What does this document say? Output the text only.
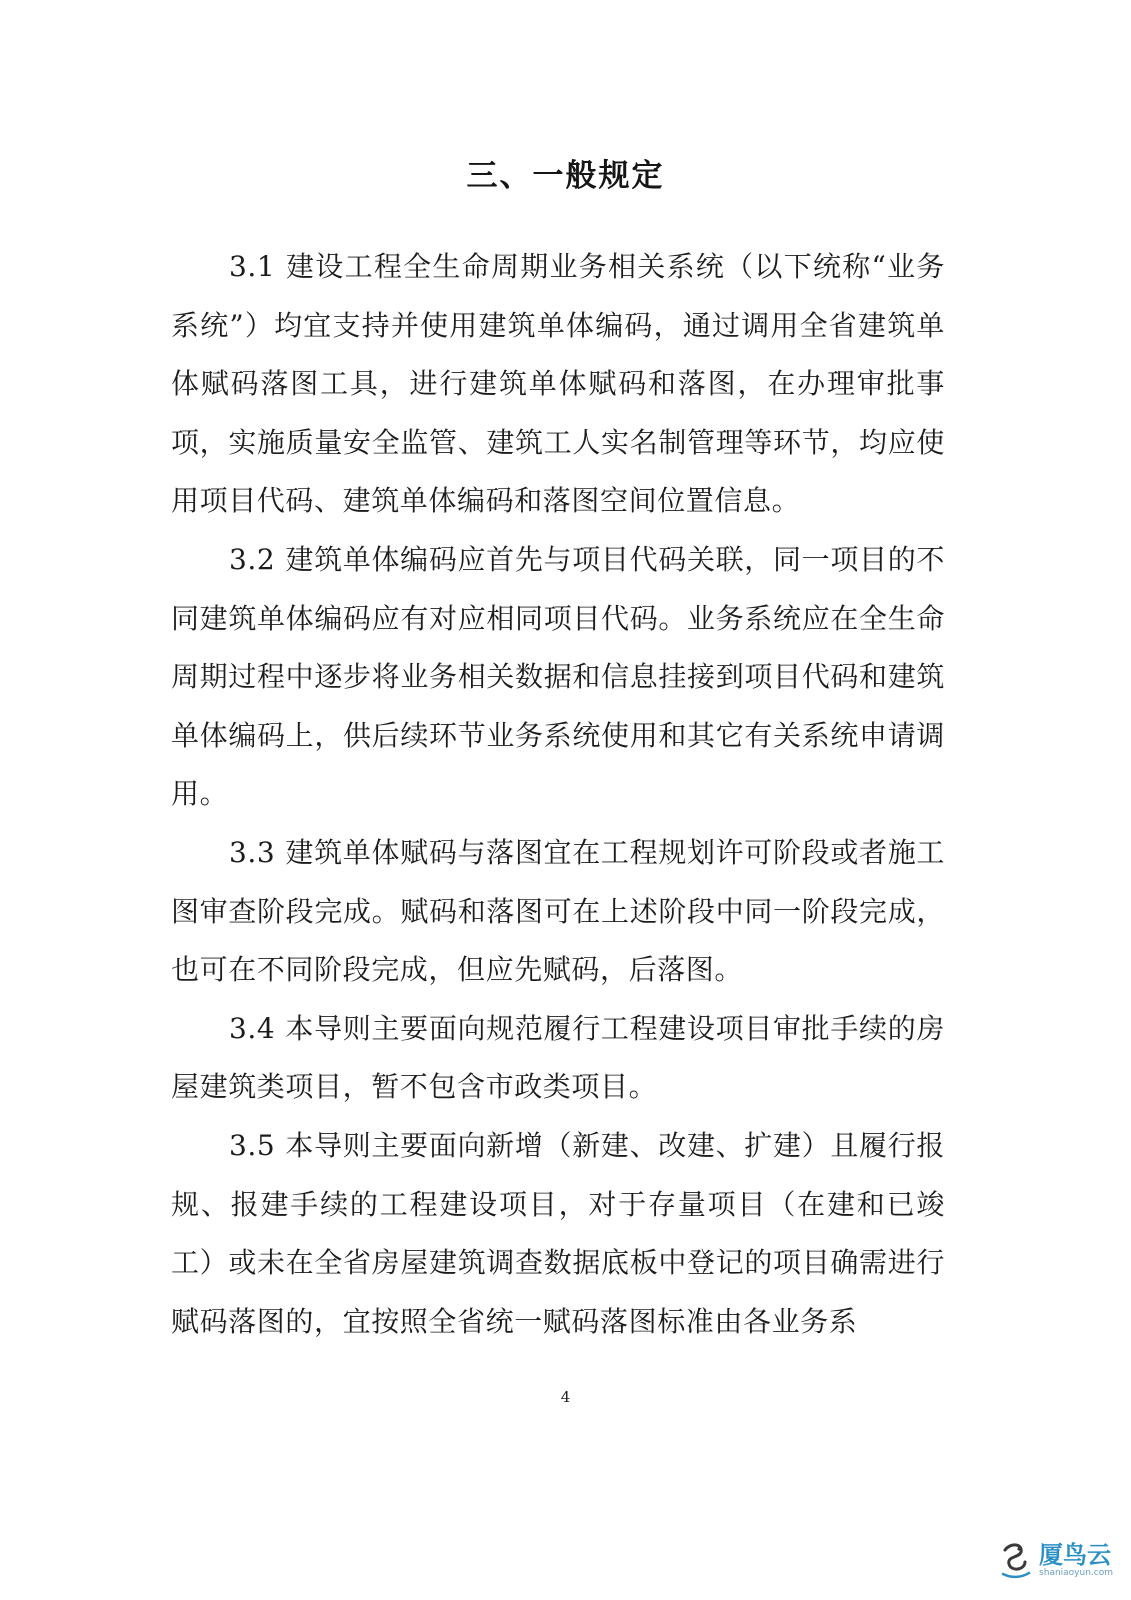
三、一般规定

3.1 建设工程全生命周期业务相关系统（以下统称“业务系统”）均宜支持并使用建筑单体编码，通过调用全省建筑单体赋码落图工具，进行建筑单体赋码和落图，在办理审批事项，实施质量安全监管、建筑工人实名制管理等环节，均应使用项目代码、建筑单体编码和落图空间位置信息。

3.2 建筑单体编码应首先与项目代码关联，同一项目的不同建筑单体编码应有对应相同项目代码。业务系统应在全生命周期过程中逐步将业务相关数据和信息挂接到项目代码和建筑单体编码上，供后续环节业务系统使用和其它有关系统申请调用。

3.3 建筑单体赋码与落图宜在工程规划许可阶段或者施工图审查阶段完成。赋码和落图可在上述阶段中同一阶段完成，也可在不同阶段完成，但应先赋码，后落图。

3.4 本导则主要面向规范履行工程建设项目审批手续的房屋建筑类项目，暂不包含市政类项目。

3.5 本导则主要面向新增（新建、改建、扩建）且履行报规、报建手续的工程建设项目，对于存量项目（在建和已竣工）或未在全省房屋建筑调查数据底板中登记的项目确需进行赋码落图的，宜按照全省统一赋码落图标准由各业务系

4
厦鸟云
shaniaoyun.com
